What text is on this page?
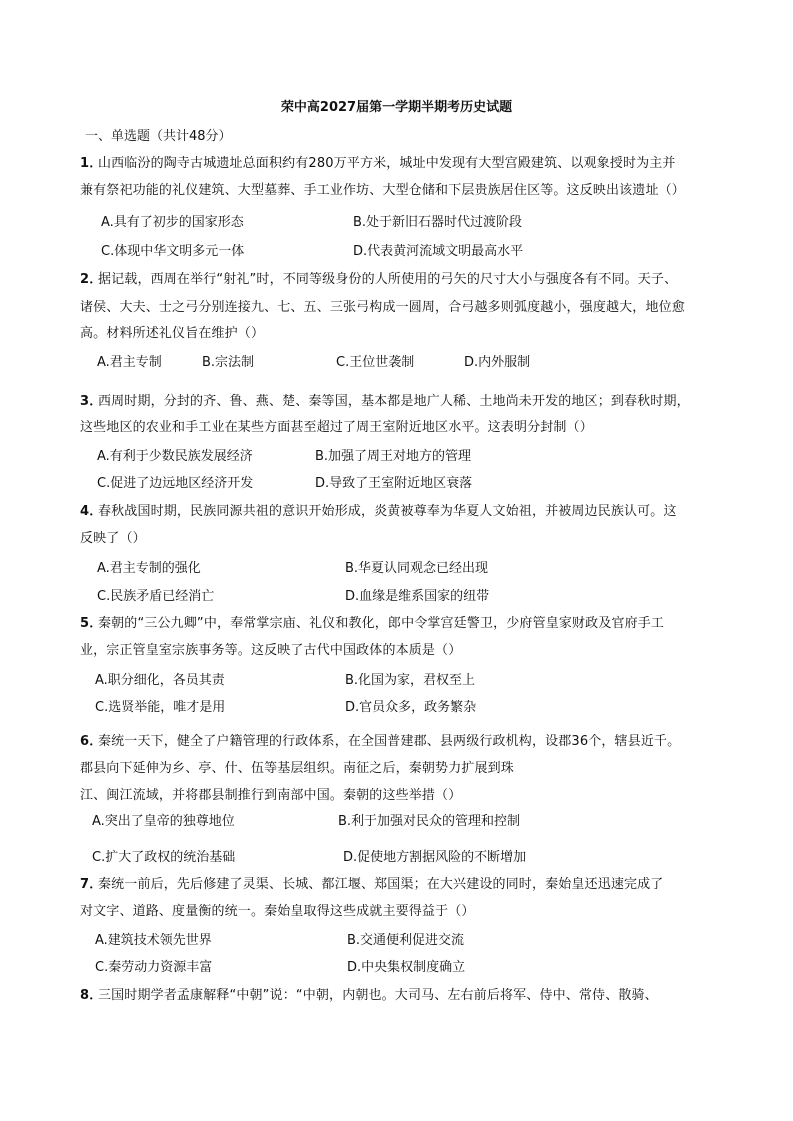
荣中高2027届第一学期半期考历史试题
一、单选题（共计48分）
1．
山西临汾的陶寺古城遗址总面积约有280万平方米，城址中发现有大型宫殿建筑、以观象授时为主并
兼有祭祀功能的礼仪建筑、大型墓葬、手工业作坊、大型仓储和下层贵族居住区等。这反映出该遗址（）
A.具有了初步的国家形态	B.处于新旧石器时代过渡阶段
C.体现中华文明多元一体	D.代表黄河流域文明最高水平
2．
据记载，西周在举行“射礼”时，不同等级身份的人所使用的弓矢的尺寸大小与强度各有不同。天子、
诸侯、大夫、士之弓分别连接九、七、五、三张弓构成一圆周，合弓越多则弧度越小，强度越大，地位愈
高。材料所述礼仪旨在维护（）
A.君主专制	B.宗法制	C.王位世袭制	D.内外服制
3．
西周时期，分封的齐、鲁、燕、楚、秦等国，基本都是地广人稀、土地尚未开发的地区；到春秋时期，
这些地区的农业和手工业在某些方面甚至超过了周王室附近地区水平。这表明分封制（）
A.有利于少数民族发展经济	B.加强了周王对地方的管理
C.促进了边远地区经济开发	D.导致了王室附近地区衰落
4．
春秋战国时期，民族同源共祖的意识开始形成，炎黄被尊奉为华夏人文始祖，并被周边民族认可。这
反映了（）
A.君主专制的强化	B.华夏认同观念已经出现
C.民族矛盾已经消亡	D.血缘是维系国家的纽带
5．
秦朝的“三公九卿”中，奉常掌宗庙、礼仪和教化，郎中令掌宫廷警卫，少府管皇家财政及官府手工
业，宗正管皇室宗族事务等。这反映了古代中国政体的本质是（）
A.职分细化，各员其责	B.化国为家，君权至上
C.选贤举能，唯才是用	D.官员众多，政务繁杂
6．
秦统一天下，健全了户籍管理的行政体系，在全国普建郡、县两级行政机构，设郡36个，辖县近千。
郡县向下延伸为乡、亭、什、伍等基层组织。南征之后，秦朝势力扩展到珠
江、闽江流域，并将郡县制推行到南部中国。秦朝的这些举措（）
A.突出了皇帝的独尊地位	B.利于加强对民众的管理和控制
C.扩大了政权的统治基础	D.促使地方割据风险的不断增加
7．
秦统一前后，先后修建了灵渠、长城、都江堰、郑国渠；在大兴建设的同时，秦始皇还迅速完成了
对文字、道路、度量衡的统一。秦始皇取得这些成就主要得益于（）
A.建筑技术领先世界	B.交通便利促进交流
C.秦劳动力资源丰富	D.中央集权制度确立
8．
三国时期学者孟康解释“中朝”说：“中朝，内朝也。大司马、左右前后将军、侍中、常侍、散骑、
